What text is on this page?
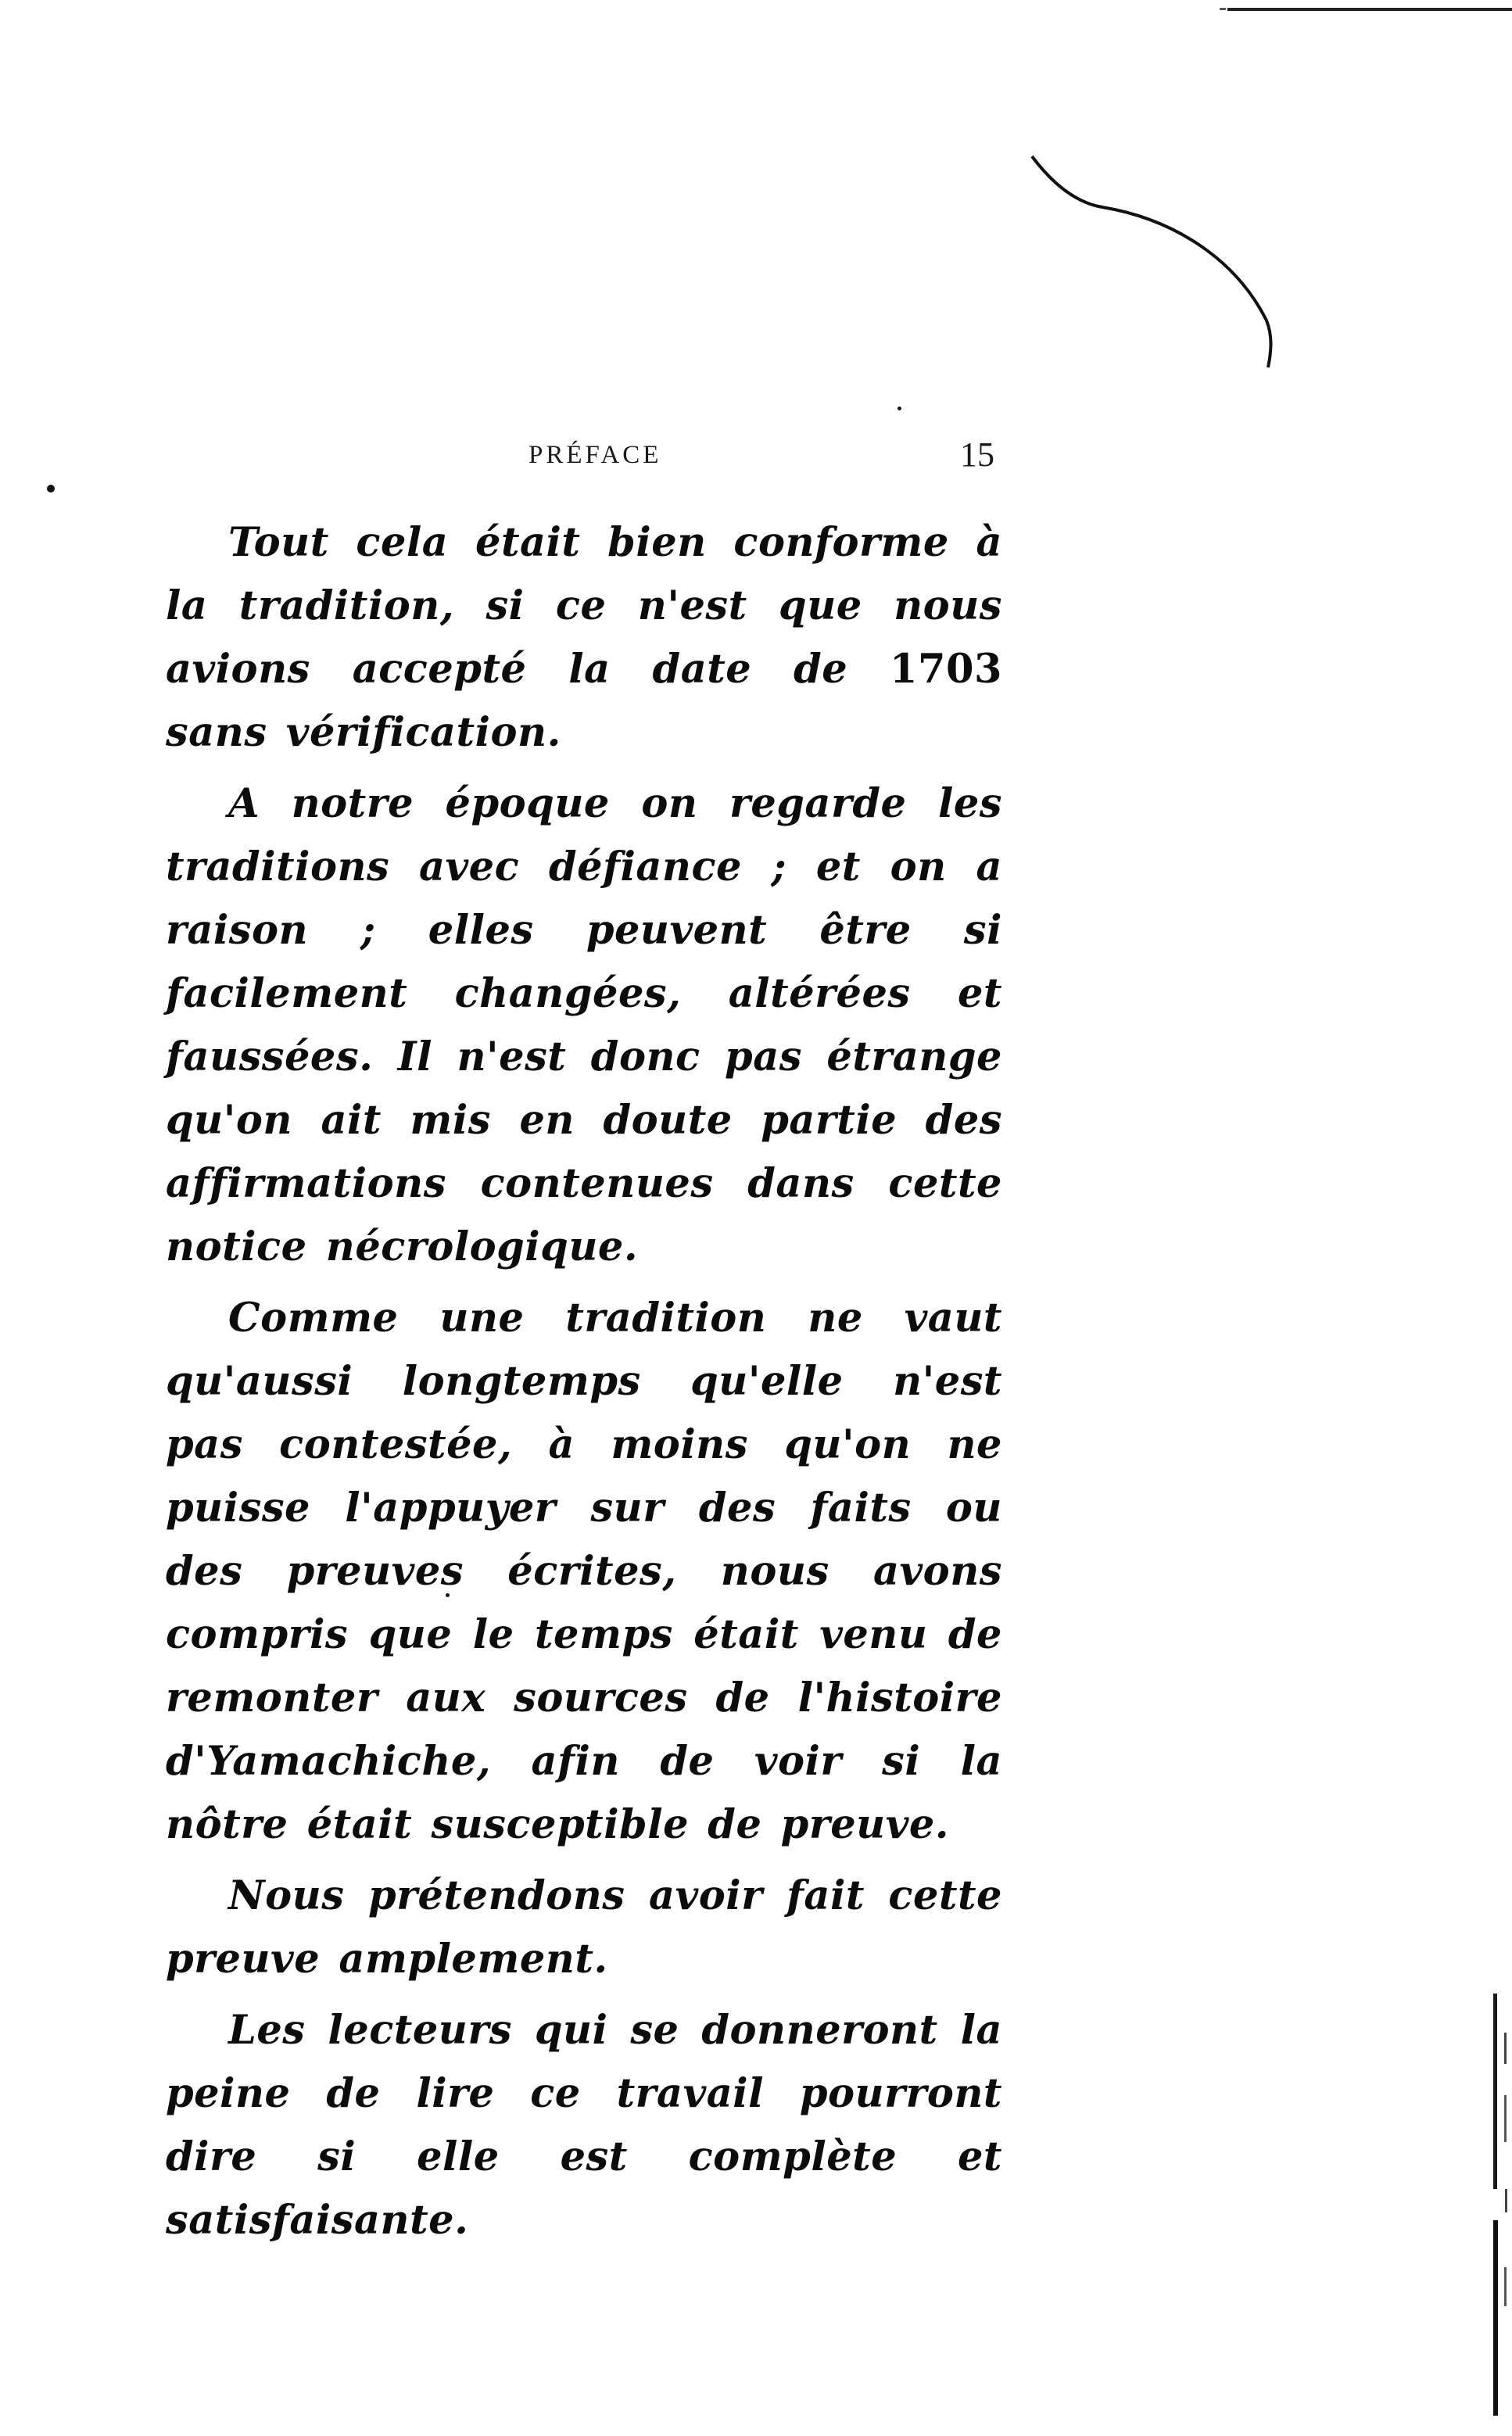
PRÉFACE	15

Tout cela était bien conforme à la tradition, si ce n'est que nous avions accepté la date de 1703 sans vérification.

A notre époque on regarde les traditions avec défiance ; et on a raison ; elles peuvent être si facilement changées, altérées et faussées. Il n'est donc pas étrange qu'on ait mis en doute partie des affirmations contenues dans cette notice nécrologique.

Comme une tradition ne vaut qu'aussi longtemps qu'elle n'est pas contestée, à moins qu'on ne puisse l'appuyer sur des faits ou des preuves écrites, nous avons compris que le temps était venu de remonter aux sources de l'histoire d'Yamachiche, afin de voir si la nôtre était susceptible de preuve.

Nous prétendons avoir fait cette preuve amplement.

Les lecteurs qui se donneront la peine de lire ce travail pourront dire si elle est complète et satisfaisante.
